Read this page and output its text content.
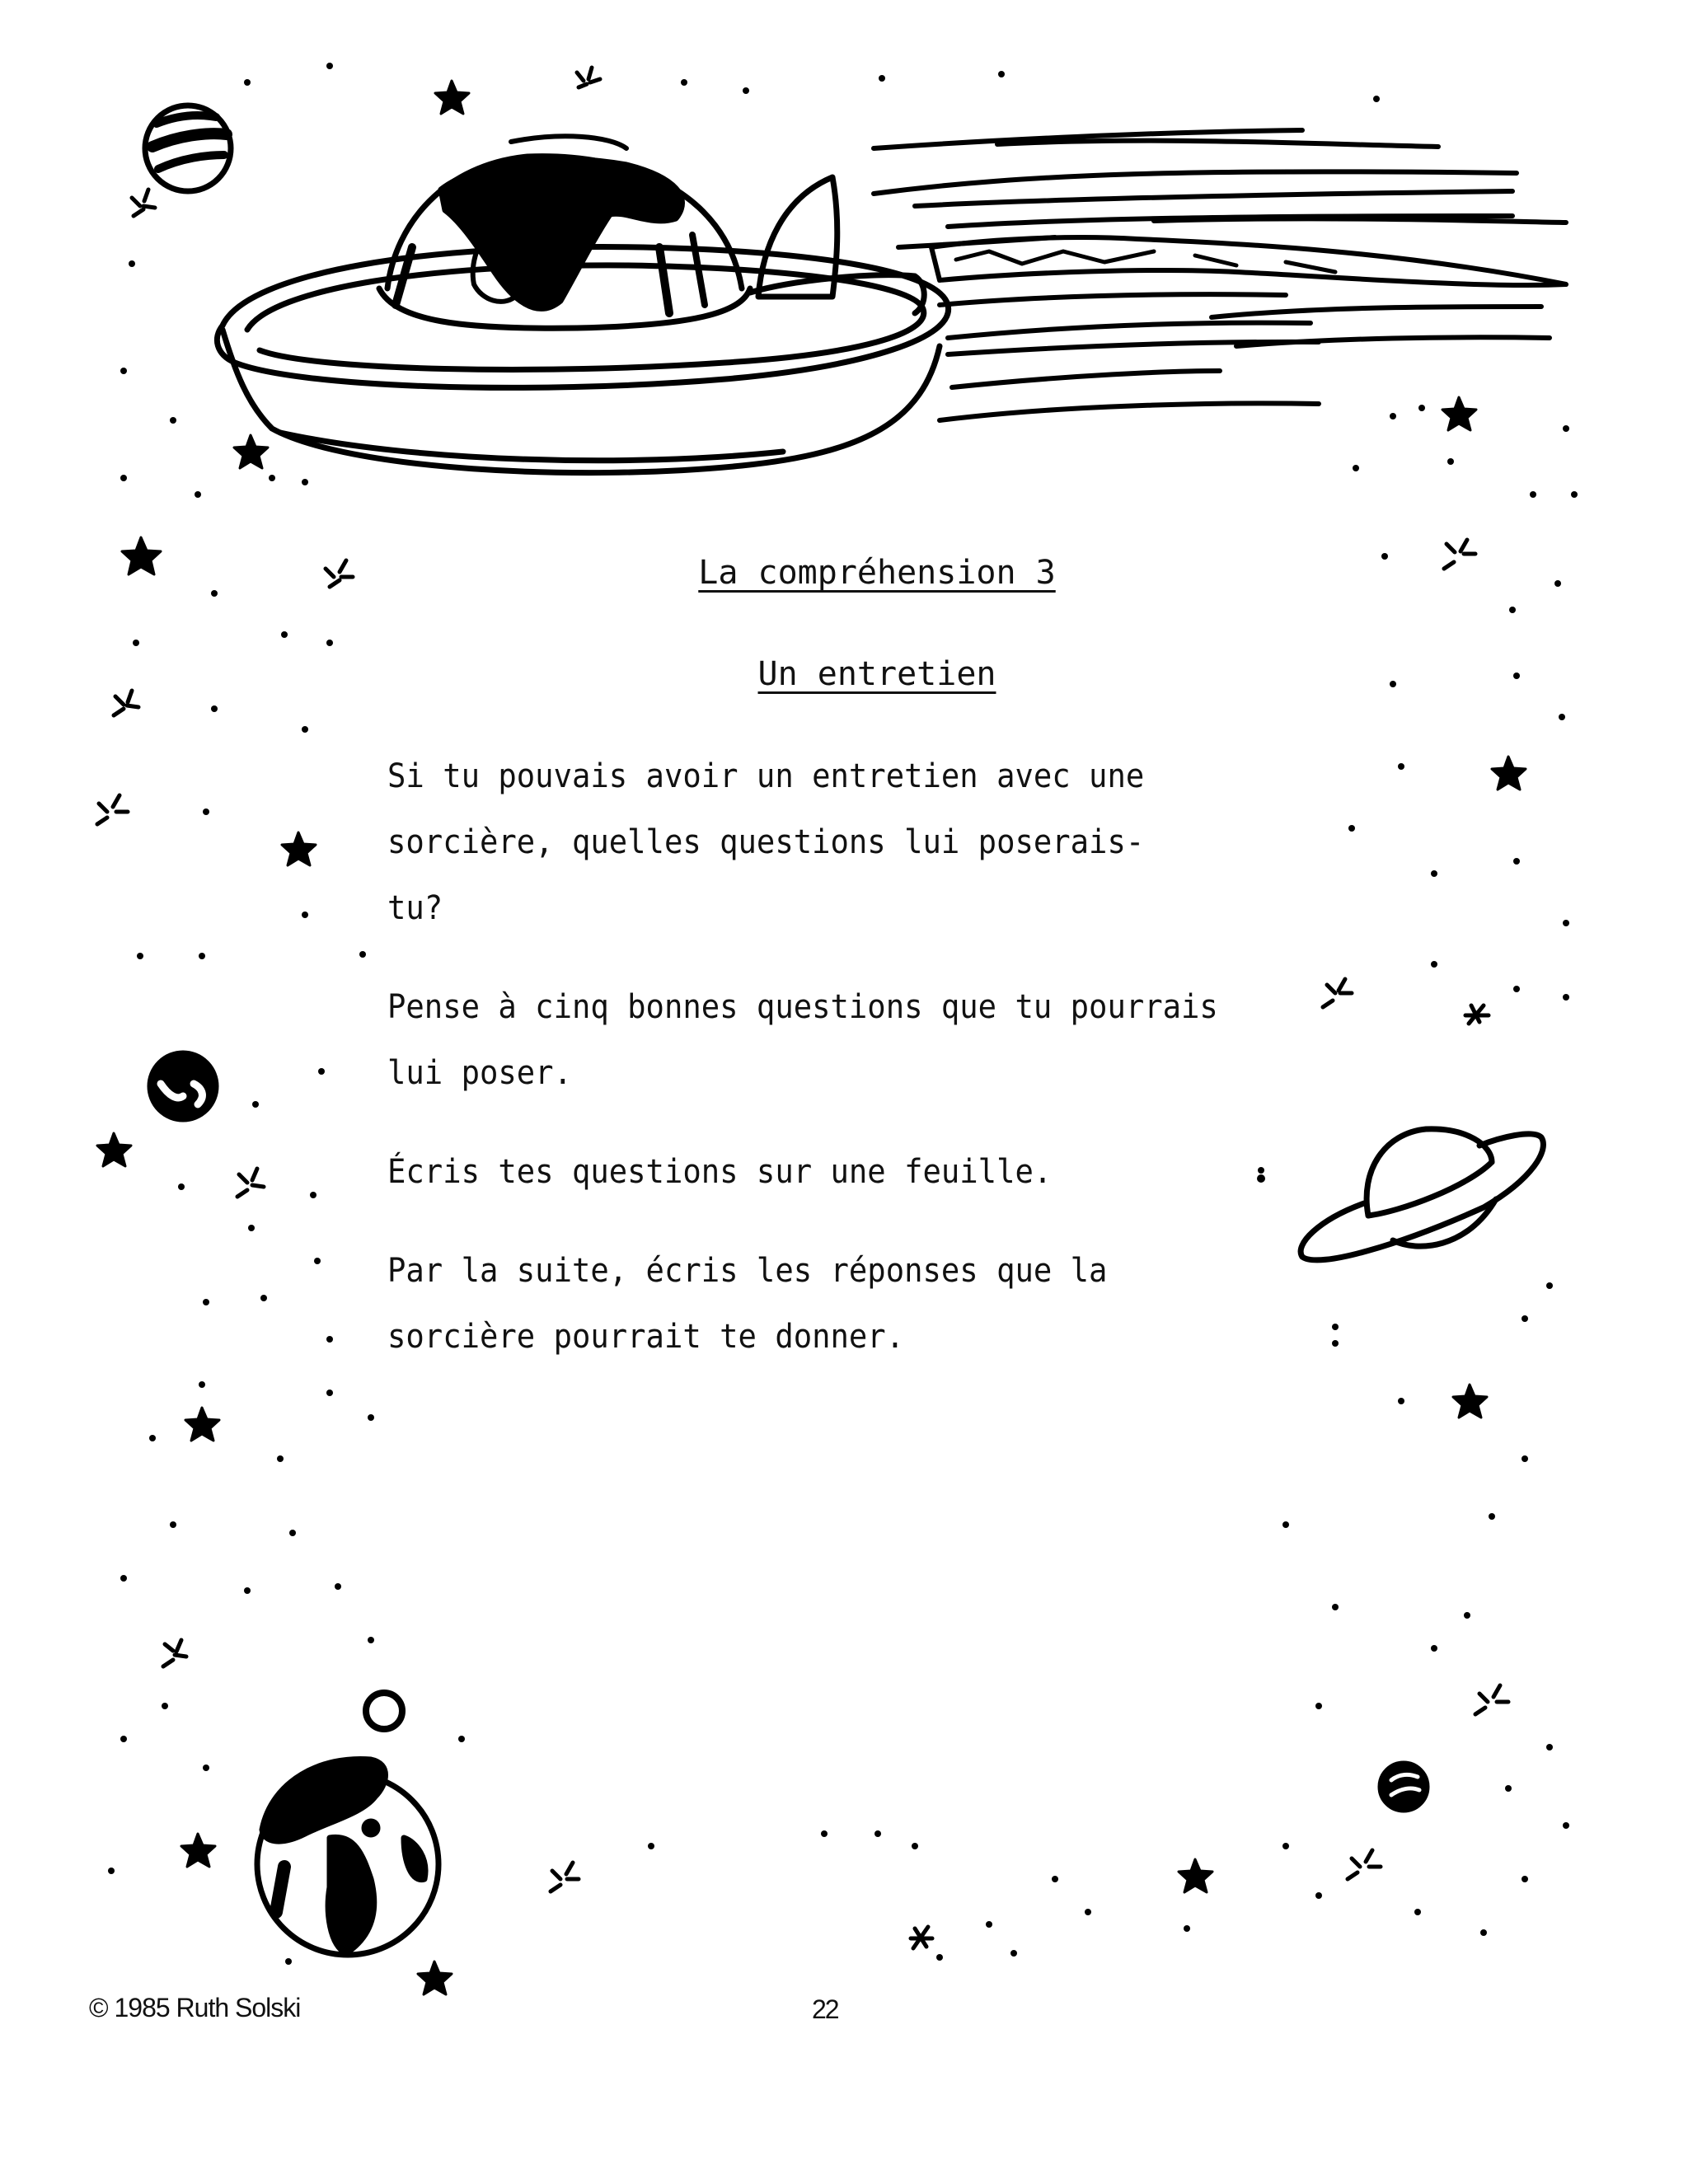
La compréhension 3
Un entretien
Si tu pouvais avoir un entretien avec une
sorcière, quelles questions lui poserais-
tu?
Pense à cinq bonnes questions que tu pourrais
lui poser.
Écris tes questions sur une feuille.
Par la suite, écris les réponses que la
sorcière pourrait te donner.
© 1985 Ruth Solski	22
